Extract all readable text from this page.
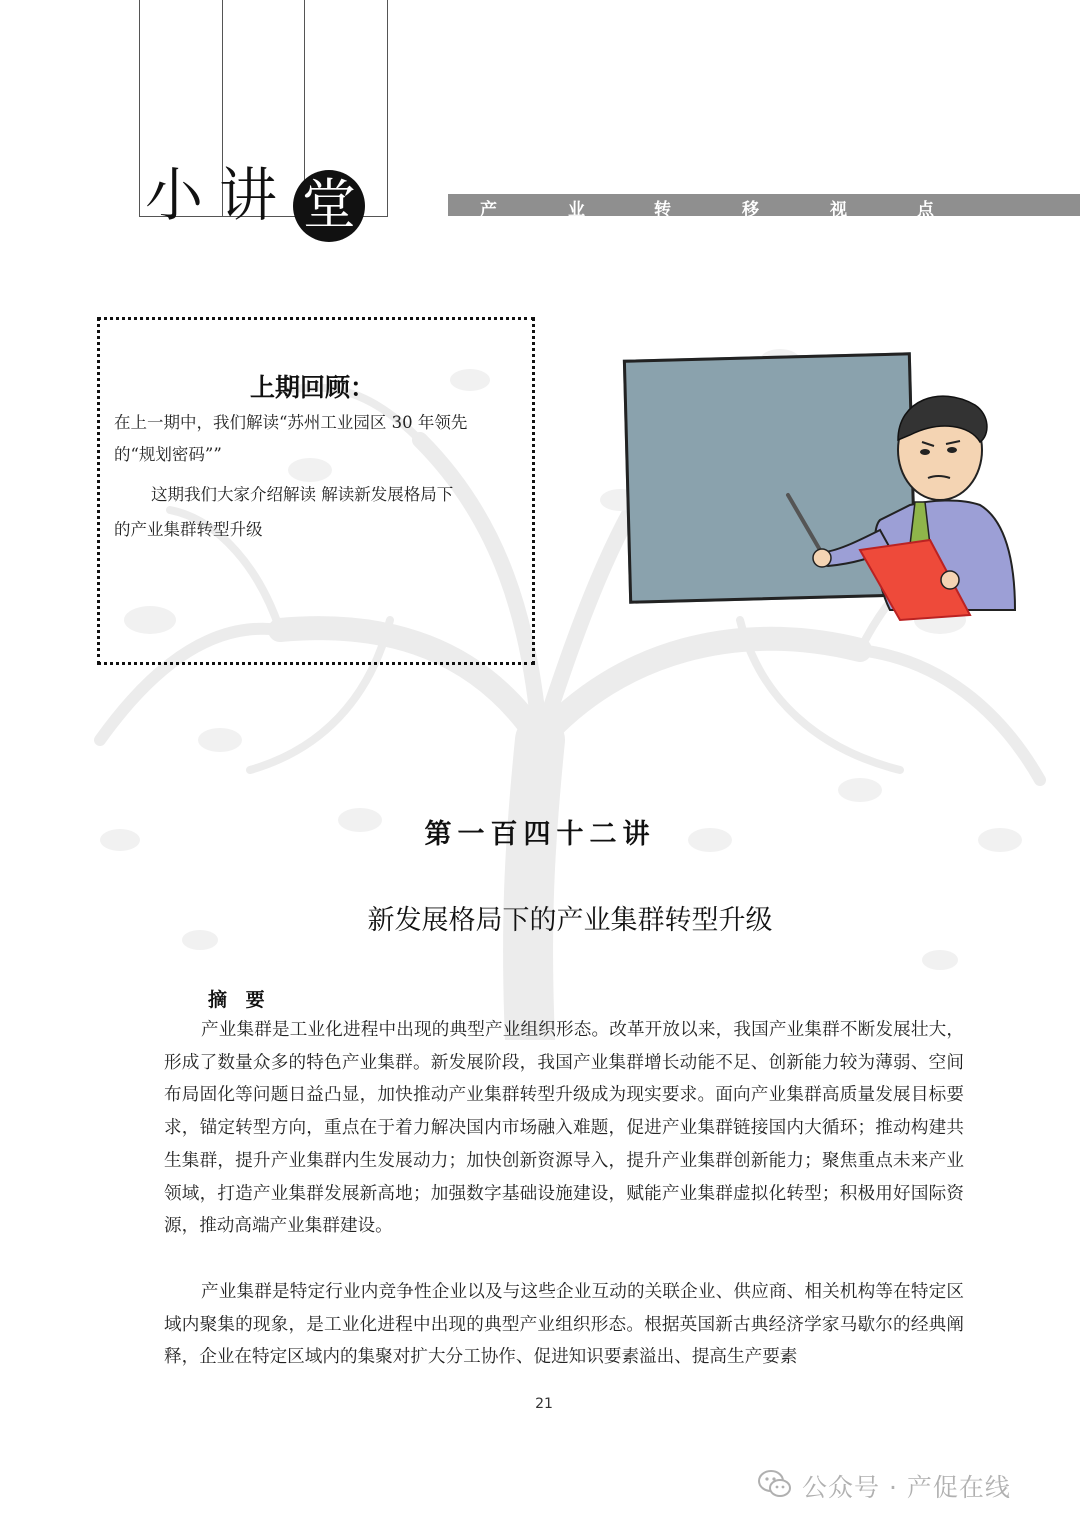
小讲 堂	产	业	转	移	视	点
上期回顾：
在上一期中，我们解读“苏州工业园区 30 年领先
的“规划密码””
这期我们大家介绍解读 解读新发展格局下
的产业集群转型升级
第一百四十二讲
新发展格局下的产业集群转型升级
摘 要
产业集群是工业化进程中出现的典型产业组织形态。改革开放以来，我国产业集群不断发展壮大，形成了数量众多的特色产业集群。新发展阶段，我国产业集群增长动能不足、创新能力较为薄弱、空间布局固化等问题日益凸显，加快推动产业集群转型升级成为现实要求。面向产业集群高质量发展目标要求，锚定转型方向，重点在于着力解决国内市场融入难题，促进产业集群链接国内大循环；推动构建共生集群，提升产业集群内生发展动力；加快创新资源导入，提升产业集群创新能力；聚焦重点未来产业领域，打造产业集群发展新高地；加强数字基础设施建设，赋能产业集群虚拟化转型；积极用好国际资源，推动高端产业集群建设。
产业集群是特定行业内竞争性企业以及与这些企业互动的关联企业、供应商、相关机构等在特定区域内聚集的现象，是工业化进程中出现的典型产业组织形态。根据英国新古典经济学家马歇尔的经典阐释，企业在特定区域内的集聚对扩大分工协作、促进知识要素溢出、提高生产要素
21
公众号 · 产促在线
